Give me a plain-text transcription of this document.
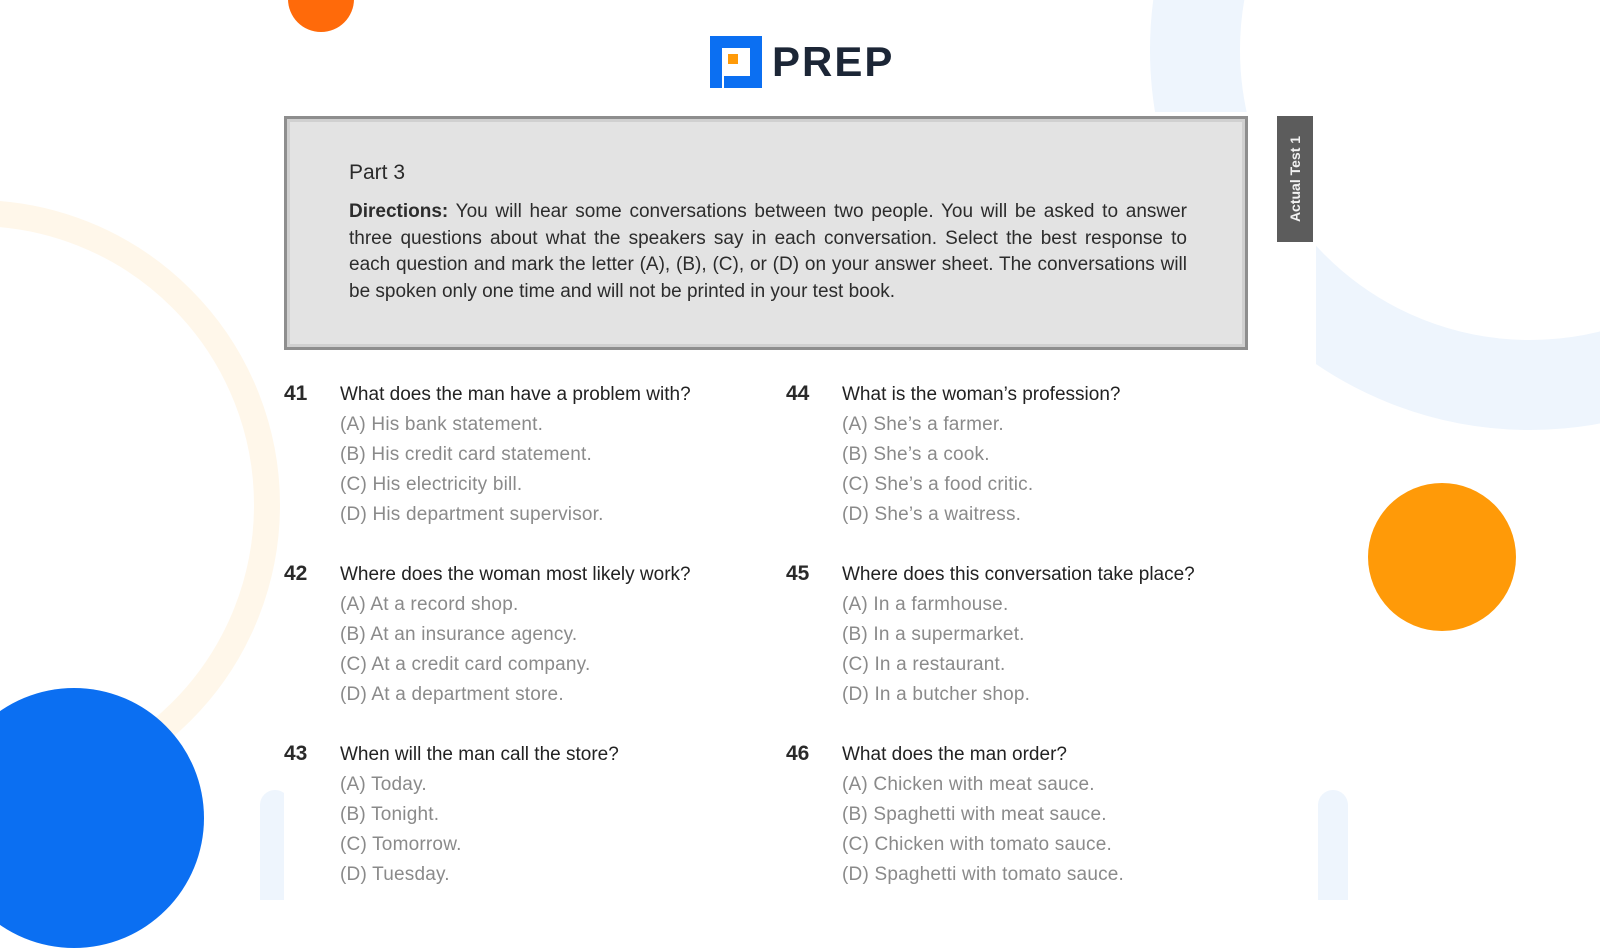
PREP
Part 3
Directions: You will hear some conversations between two people. You will be asked to answer three questions about what the speakers say in each conversation. Select the best response to each question and mark the letter (A), (B), (C), or (D) on your answer sheet. The conversations will be spoken only one time and will not be printed in your test book.
Actual Test 1
41 What does the man have a problem with?
(A) His bank statement.
(B) His credit card statement.
(C) His electricity bill.
(D) His department supervisor.
42 Where does the woman most likely work?
(A) At a record shop.
(B) At an insurance agency.
(C) At a credit card company.
(D) At a department store.
43 When will the man call the store?
(A) Today.
(B) Tonight.
(C) Tomorrow.
(D) Tuesday.
44 What is the woman’s profession?
(A) She’s a farmer.
(B) She’s a cook.
(C) She’s a food critic.
(D) She’s a waitress.
45 Where does this conversation take place?
(A) In a farmhouse.
(B) In a supermarket.
(C) In a restaurant.
(D) In a butcher shop.
46 What does the man order?
(A) Chicken with meat sauce.
(B) Spaghetti with meat sauce.
(C) Chicken with tomato sauce.
(D) Spaghetti with tomato sauce.
